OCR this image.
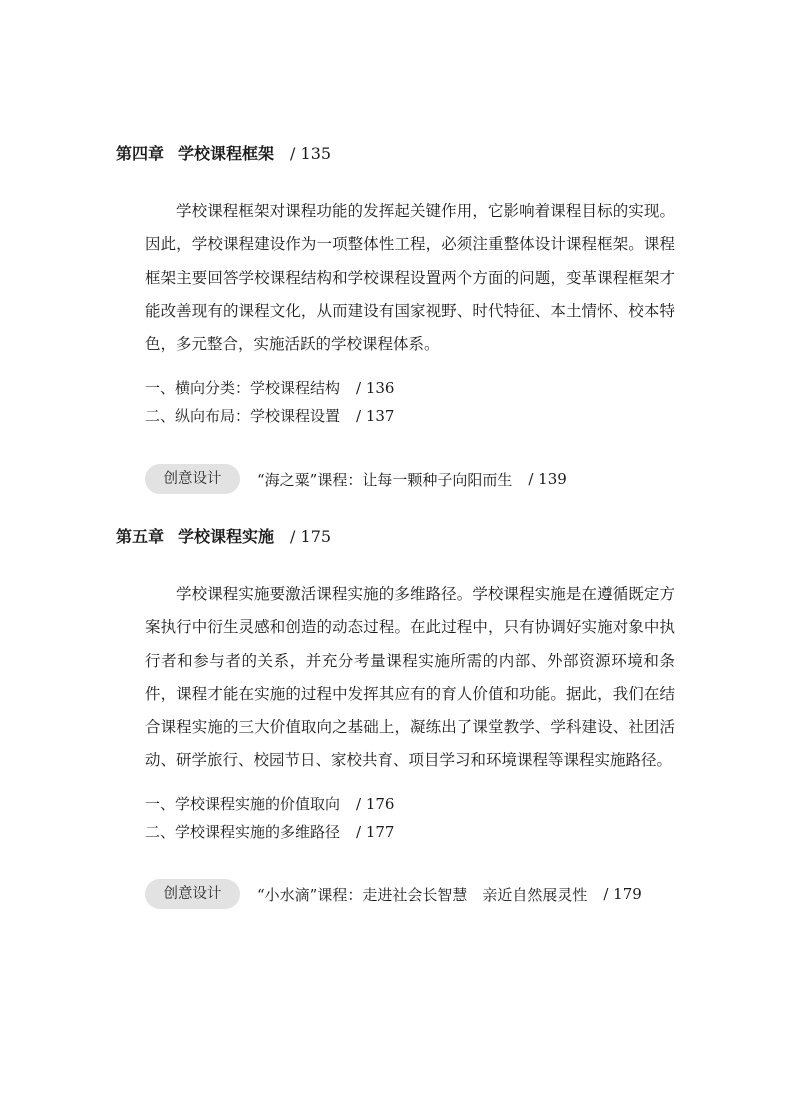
第四章 学校课程框架 / 135

学校课程框架对课程功能的发挥起关键作用，它影响着课程目标的实现。因此，学校课程建设作为一项整体性工程，必须注重整体设计课程框架。课程框架主要回答学校课程结构和学校课程设置两个方面的问题，变革课程框架才能改善现有的课程文化，从而建设有国家视野、时代特征、本土情怀、校本特色，多元整合，实施活跃的学校课程体系。

一、横向分类：学校课程结构 / 136
二、纵向布局：学校课程设置 / 137
创意设计	“海之粟”课程：让每一颗种子向阳而生 / 139
第五章 学校课程实施 / 175

学校课程实施要激活课程实施的多维路径。学校课程实施是在遵循既定方案执行中衍生灵感和创造的动态过程。在此过程中，只有协调好实施对象中执行者和参与者的关系，并充分考量课程实施所需的内部、外部资源环境和条件，课程才能在实施的过程中发挥其应有的育人价值和功能。据此，我们在结合课程实施的三大价值取向之基础上，凝练出了课堂教学、学科建设、社团活动、研学旅行、校园节日、家校共育、项目学习和环境课程等课程实施路径。

一、学校课程实施的价值取向 / 176
二、学校课程实施的多维路径 / 177
创意设计	“小水滴”课程：走进社会长智慧　亲近自然展灵性 / 179
